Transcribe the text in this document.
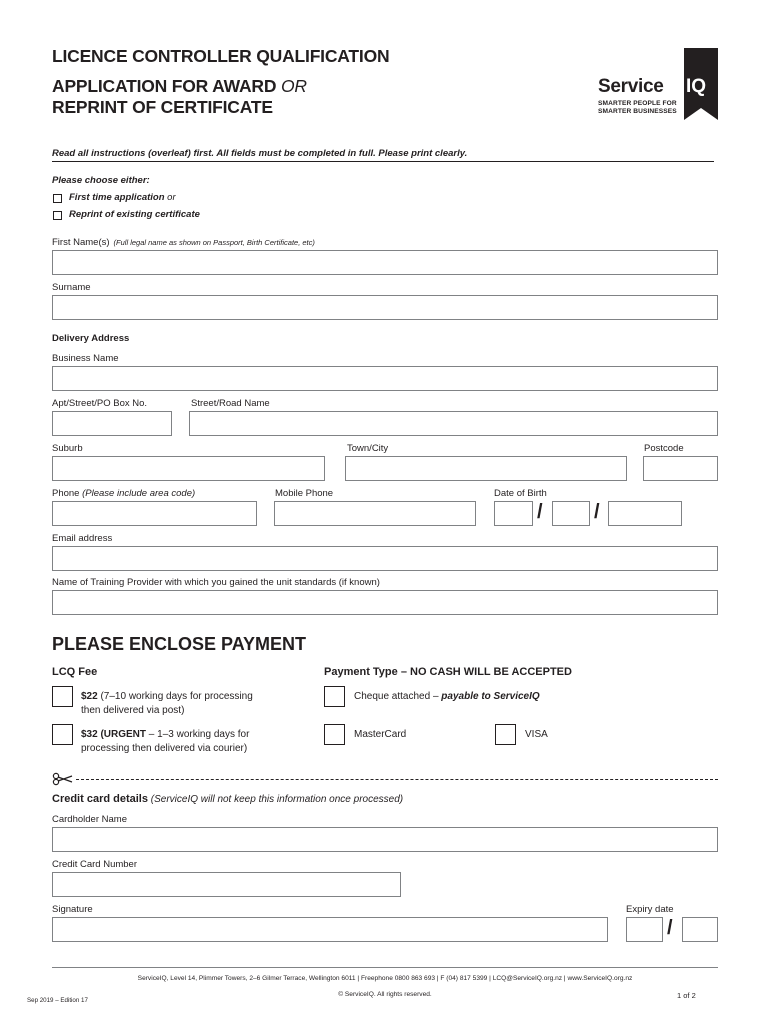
LICENCE CONTROLLER QUALIFICATION
APPLICATION FOR AWARD OR
REPRINT OF CERTIFICATE
Service IQ
SMARTER PEOPLE FOR
SMARTER BUSINESSES
Read all instructions (overleaf) first. All fields must be completed in full. Please print clearly.
Please choose either:
First time application or
Reprint of existing certificate
First Name(s) (Full legal name as shown on Passport, Birth Certificate, etc)
Surname
Delivery Address
Business Name
Apt/Street/PO Box No.	Street/Road Name
Suburb	Town/City	Postcode
Phone (Please include area code)	Mobile Phone	Date of Birth
/	/
Email address
Name of Training Provider with which you gained the unit standards (if known)
PLEASE ENCLOSE PAYMENT
LCQ Fee	Payment Type – NO CASH WILL BE ACCEPTED
$22 (7–10 working days for processing
then delivered via post)
$32 (URGENT – 1–3 working days for
processing then delivered via courier)
Cheque attached – payable to ServiceIQ
MasterCard	VISA
Credit card details (ServiceIQ will not keep this information once processed)
Cardholder Name
Credit Card Number
Signature	Expiry date
/
ServiceIQ, Level 14, Plimmer Towers, 2–6 Gilmer Terrace, Wellington 6011 | Freephone 0800 863 693 | F (04) 817 5399 | LCQ@ServiceIQ.org.nz | www.ServiceIQ.org.nz
© ServiceIQ. All rights reserved.
Sep 2019 – Edition 17
1 of 2
